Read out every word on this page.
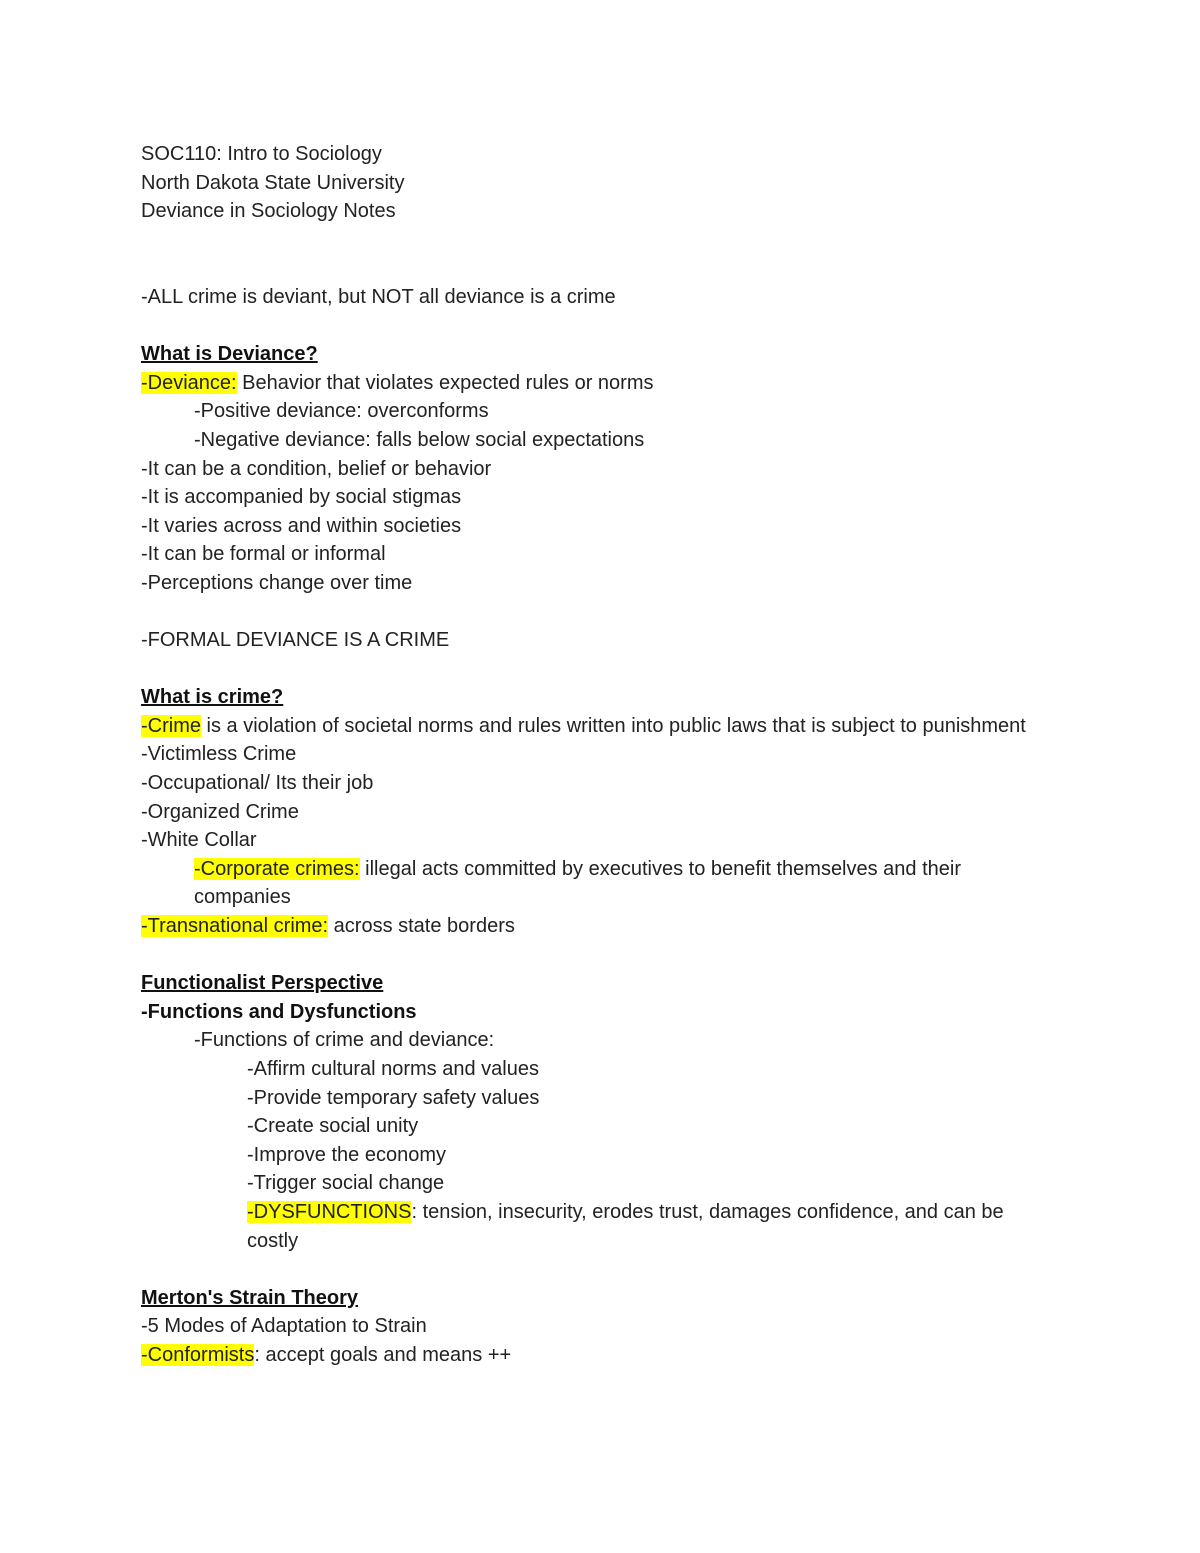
SOC110: Intro to Sociology
North Dakota State University
Deviance in Sociology Notes
-ALL crime is deviant, but NOT all deviance is a crime
What is Deviance?
-Deviance: Behavior that violates expected rules or norms
-Positive deviance: overconforms
-Negative deviance: falls below social expectations
-It can be a condition, belief or behavior
-It is accompanied by social stigmas
-It varies across and within societies
-It can be formal or informal
-Perceptions change over time
-FORMAL DEVIANCE IS A CRIME
What is crime?
-Crime is a violation of societal norms and rules written into public laws that is subject to punishment
-Victimless Crime
-Occupational/ Its their job
-Organized Crime
-White Collar
-Corporate crimes: illegal acts committed by executives to benefit themselves and their companies
-Transnational crime: across state borders
Functionalist Perspective
-Functions and Dysfunctions
-Functions of crime and deviance:
-Affirm cultural norms and values
-Provide temporary safety values
-Create social unity
-Improve the economy
-Trigger social change
-DYSFUNCTIONS: tension, insecurity, erodes trust, damages confidence, and can be costly
Merton's Strain Theory
-5 Modes of Adaptation to Strain
-Conformists: accept goals and means ++
